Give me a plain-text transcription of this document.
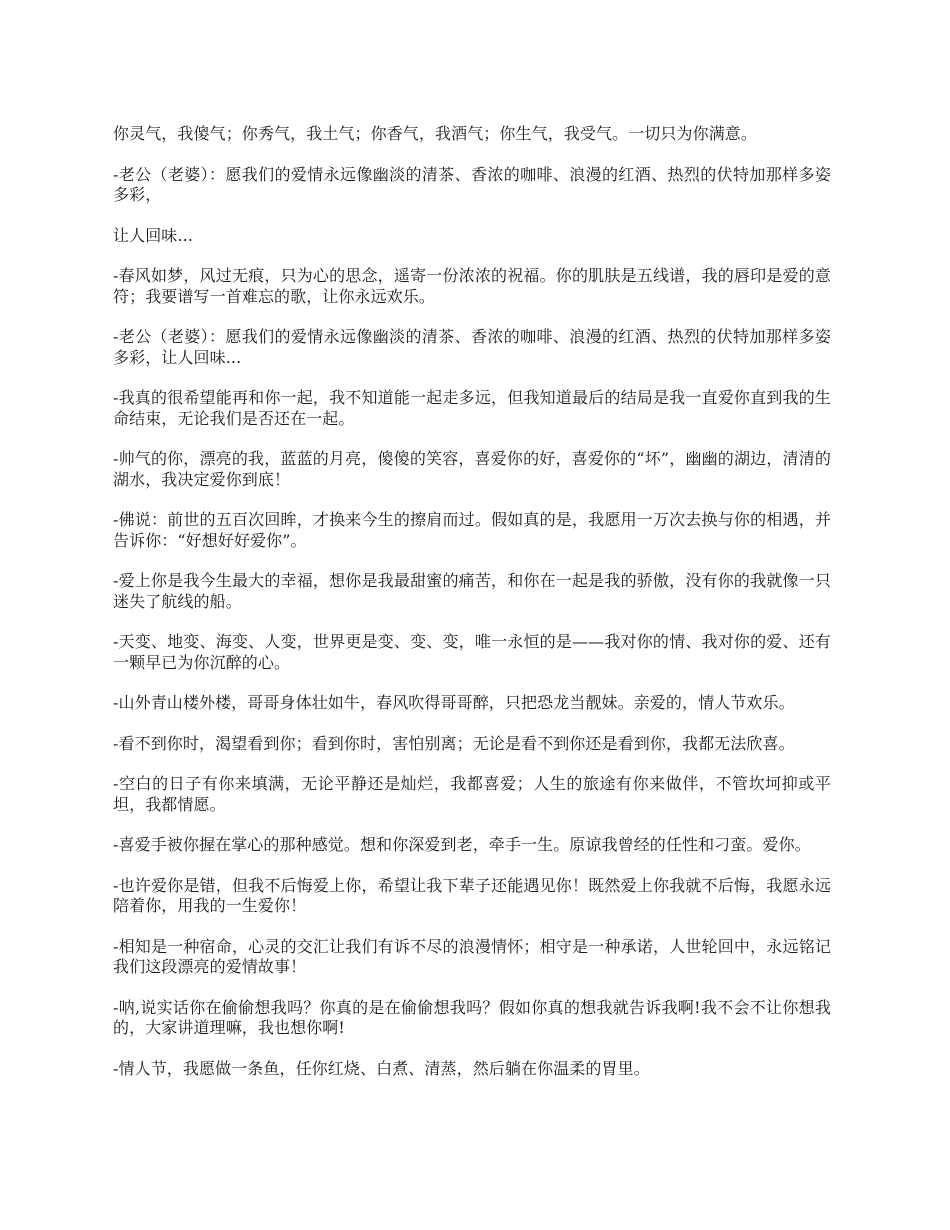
你灵气，我傻气；你秀气，我土气；你香气，我酒气；你生气，我受气。一切只为你满意。

-老公（老婆）：愿我们的爱情永远像幽淡的清茶、香浓的咖啡、浪漫的红酒、热烈的伏特加那样多姿多彩，

让人回味...

-春风如梦，风过无痕，只为心的思念，遥寄一份浓浓的祝福。你的肌肤是五线谱，我的唇印是爱的意符；我要谱写一首难忘的歌，让你永远欢乐。

-老公（老婆）：愿我们的爱情永远像幽淡的清茶、香浓的咖啡、浪漫的红酒、热烈的伏特加那样多姿多彩，让人回味...

-我真的很希望能再和你一起，我不知道能一起走多远，但我知道最后的结局是我一直爱你直到我的生命结束，无论我们是否还在一起。

-帅气的你，漂亮的我，蓝蓝的月亮，傻傻的笑容，喜爱你的好，喜爱你的“坏”，幽幽的湖边，清清的湖水，我决定爱你到底！

-佛说：前世的五百次回眸，才换来今生的擦肩而过。假如真的是，我愿用一万次去换与你的相遇，并告诉你：“好想好好爱你”。

-爱上你是我今生最大的幸福，想你是我最甜蜜的痛苦，和你在一起是我的骄傲，没有你的我就像一只迷失了航线的船。

-天变、地变、海变、人变，世界更是变、变、变，唯一永恒的是——我对你的情、我对你的爱、还有一颗早已为你沉醉的心。

-山外青山楼外楼，哥哥身体壮如牛，春风吹得哥哥醉，只把恐龙当靓妹。亲爱的，情人节欢乐。

-看不到你时，渴望看到你；看到你时，害怕别离；无论是看不到你还是看到你，我都无法欣喜。

-空白的日子有你来填满，无论平静还是灿烂，我都喜爱；人生的旅途有你来做伴，不管坎坷抑或平坦，我都情愿。

-喜爱手被你握在掌心的那种感觉。想和你深爱到老，牵手一生。原谅我曾经的任性和刁蛮。爱你。

-也许爱你是错，但我不后悔爱上你，希望让我下辈子还能遇见你！既然爱上你我就不后悔，我愿永远陪着你，用我的一生爱你！

-相知是一种宿命，心灵的交汇让我们有诉不尽的浪漫情怀；相守是一种承诺，人世轮回中，永远铭记我们这段漂亮的爱情故事！

-呐,说实话你在偷偷想我吗？你真的是在偷偷想我吗？假如你真的想我就告诉我啊!我不会不让你想我的，大家讲道理嘛，我也想你啊!

-情人节，我愿做一条鱼，任你红烧、白煮、清蒸，然后躺在你温柔的胃里。
